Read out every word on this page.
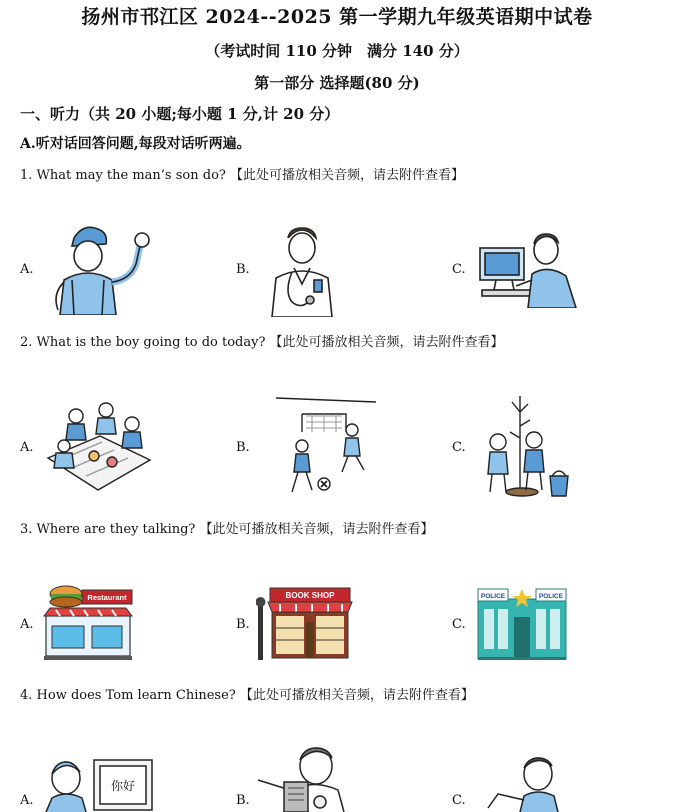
扬州市邗江区 2024--2025 第一学期九年级英语期中试卷
（考试时间 110 分钟　满分 140 分）
第一部分 选择题(80 分)
一、听力（共 20 小题;每小题 1 分,计 20 分）
A.听对话回答问题,每段对话听两遍。
1. What may the man’s son do? 【此处可播放相关音频，请去附件查看】
A.	B.	C.
2. What is the boy going to do today? 【此处可播放相关音频，请去附件查看】
A.	B.	C.
3. Where are they talking? 【此处可播放相关音频，请去附件查看】
A.
Restaurant
B.
BOOK SHOP
C.
POLICE	POLICE
4. How does Tom learn Chinese? 【此处可播放相关音频，请去附件查看】
A.
你好
B.	C.
